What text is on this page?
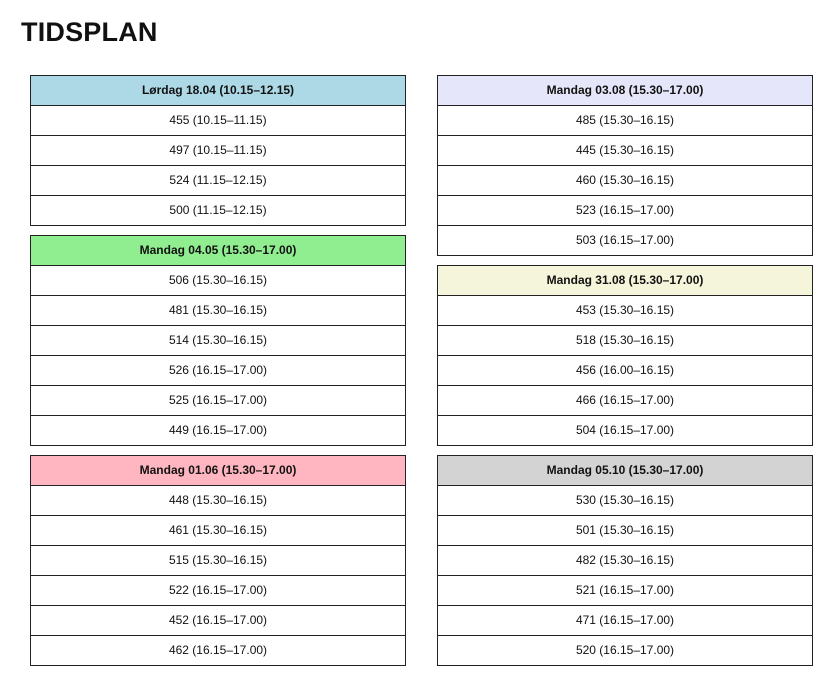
TIDSPLAN
Lørdag 18.04 (10.15–12.15)
455 (10.15–11.15)
497 (10.15–11.15)
524 (11.15–12.15)
500 (11.15–12.15)
Mandag 04.05 (15.30–17.00)
506 (15.30–16.15)
481 (15.30–16.15)
514 (15.30–16.15)
526 (16.15–17.00)
525 (16.15–17.00)
449 (16.15–17.00)
Mandag 01.06 (15.30–17.00)
448 (15.30–16.15)
461 (15.30–16.15)
515 (15.30–16.15)
522 (16.15–17.00)
452 (16.15–17.00)
462 (16.15–17.00)
Mandag 03.08 (15.30–17.00)
485 (15.30–16.15)
445 (15.30–16.15)
460 (15.30–16.15)
523 (16.15–17.00)
503 (16.15–17.00)
Mandag 31.08 (15.30–17.00)
453 (15.30–16.15)
518 (15.30–16.15)
456 (16.00–16.15)
466 (16.15–17.00)
504 (16.15–17.00)
Mandag 05.10 (15.30–17.00)
530 (15.30–16.15)
501 (15.30–16.15)
482 (15.30–16.15)
521 (16.15–17.00)
471 (16.15–17.00)
520 (16.15–17.00)
